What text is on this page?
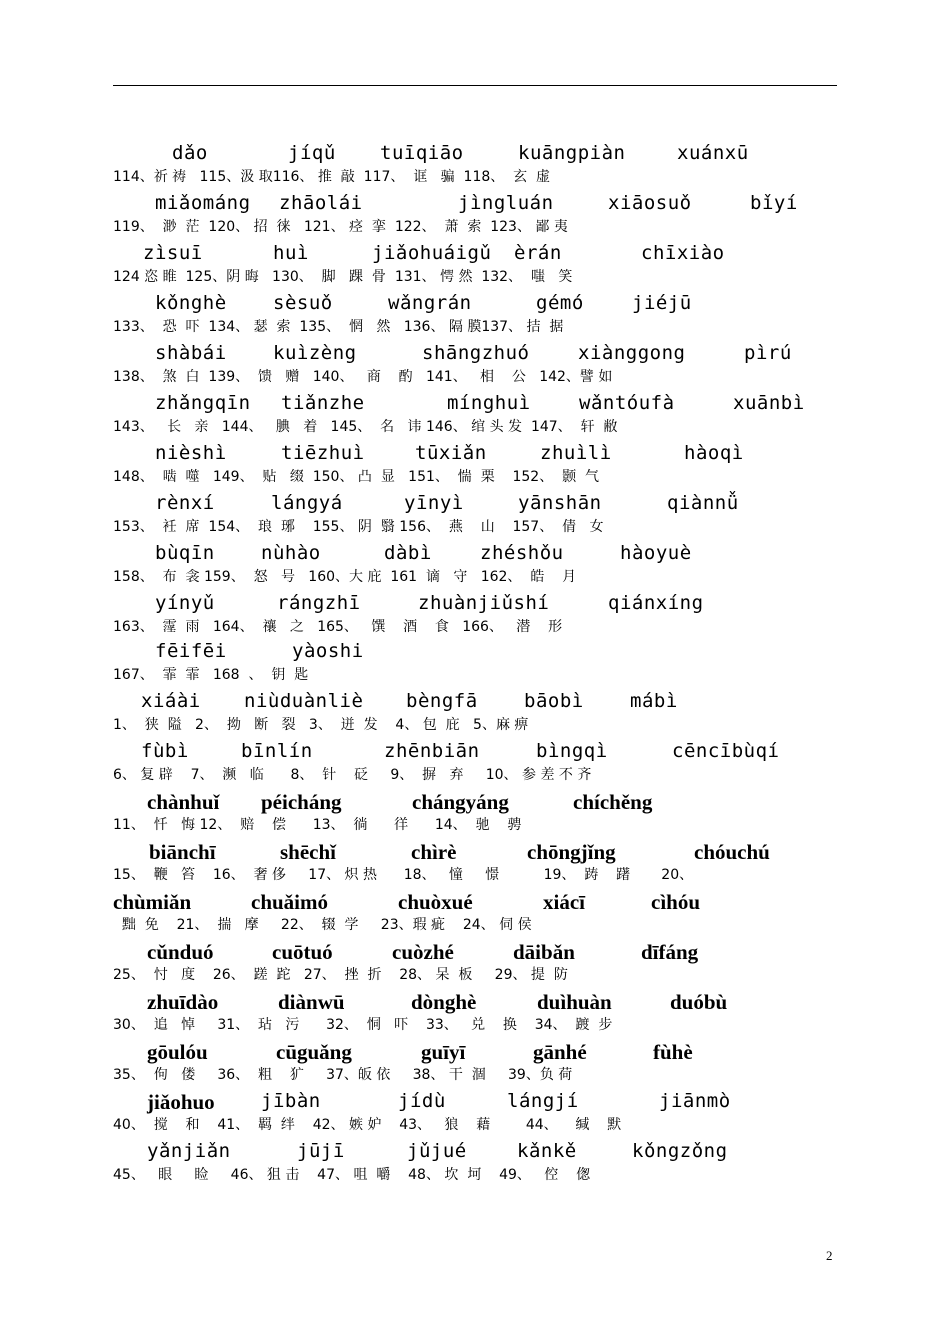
dǎo	jíqǔ tuīqiāo	kuāngpiàn	xuánxū
114、祈 祷   115、汲 取116、 推  敲  117、  诓   骗  118、  玄  虚
miǎománg zhāolái	jìngluán	xiāosuǒ	bǐyí
119、  渺  茫  120、 招  徕   121、 痉  挛  122、  萧  索  123、 鄙 夷
zìsuī	huì	jiǎohuáigǔ èrán	chīxiào
124 恣 睢  125、阴 晦   130、  脚   踝  骨  131、 愕 然  132、  嗤   笑
kǒnghè sèsuǒ	wǎngrán	gémó	jiéjū
133、  恐  吓  134、 瑟  索  135、  惘   然   136、 隔 膜137、 拮  据
shàbái kuìzèng	shāngzhuó	xiànggong	pìrú
138、  煞  白  139、  馈   赠   140、   商    酌   141、   相    公   142、譬 如
zhǎngqīn tiǎnzhe	mínghuì	wǎntóufà	xuānbì
143、   长   亲   144、   腆   着   145、  名   讳 146、 绾 头 发  147、  轩  敝
nièshì	tiēzhuì	tūxiǎn	zhuìlì	hàoqì
148、  啮  噬   149、  贴   缀  150、 凸  显   151、  惴  栗    152、  颢  气
rènxí	lángyá	yīnyì	yānshān	qiànnǚ
153、  衽  席  154、  琅  琊    155、 阴  翳 156、  燕    山    157、  倩   女
bùqīn nùhào	dàbì	zhéshǒu	hàoyuè
158、  布  衾 159、  怒   号   160、大 庇  161  谪   守   162、  皓    月
yínyǔ	rángzhī	zhuànjiǔshí	qiánxíng
163、  霪  雨   164、  禳   之   165、   馔    酒    食   166、   潜    形
fēifēi	yàoshi
167、  霏  霏   168  、  钥  匙
xiáài niùduànliè bèngfā bāobì mábì
1、  狭  隘   2、  拗   断   裂   3、  迸  发    4、 包  庇   5、麻 痹
fùbì	bīnlín	zhēnbiān	bìngqì	cēncībùqí
6、 复 辟    7、  濒   临      8、  针    砭     9、  摒   弃     10、 参 差 不 齐
chànhuǐ péicháng	chángyáng	chíchěng
11、  忏   悔 12、  赔    偿      13、  徜      徉      14、  驰    骋
biānchī	shēchǐ	chìrè	chōngjǐng	chóuchú
15、  鞭   笞    16、  奢 侈     17、 炽 热      18、   憧     憬          19、  踌    躇       20、
chùmiǎn	chuǎimó	chuòxué	xiácī	cìhóu
黜  免    21、  揣   摩     22、  辍  学     23、瑕 疵    24、 伺 侯
cǔnduó	cuōtuó	cuòzhé	dāibǎn	dīfáng
25、  忖   度    26、  蹉  跎   27、  挫  折    28、 呆  板     29、 提  防
zhuīdào	diànwū	dònghè	duìhuàn	duóbù
30、  追   悼     31、  玷   污      32、  恫   吓    33、   兑    换    34、  踱  步
gōulóu	cūguǎng	guīyī	gānhé	fùhè
35、  佝   偻     36、  粗    犷     37、皈 依     38、 干  涸     39、负 荷
jiǎohuo jībàn	jídù	lángjí	jiānmò
40、  搅    和    41、  羁  绊    42、 嫉 妒    43、   狼    藉        44、    缄    默
yǎnjiǎn	jūjī	jǔjué	kǎnkě	kǒngzǒng
45、   眼     睑     46、 狙 击    47、 咀  嚼    48、 坎  坷    49、   倥    偬
2
